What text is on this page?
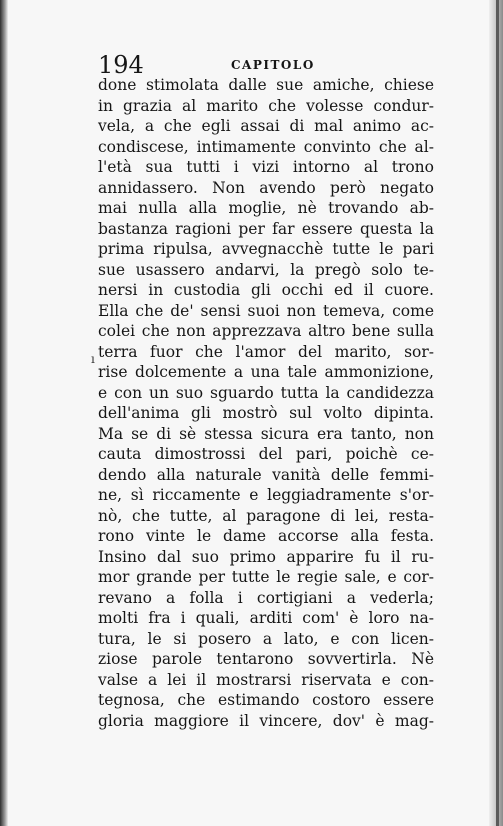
194	CAPITOLO
ı
done stimolata dalle sue amiche, chiese
in grazia al marito che volesse condur-
vela, a che egli assai di mal animo ac-
condiscese, intimamente convinto che al-
l'età sua tutti i vizi intorno al trono
annidassero. Non avendo però negato
mai nulla alla moglie, nè trovando ab-
bastanza ragioni per far essere questa la
prima ripulsa, avvegnacchè tutte le pari
sue usassero andarvi, la pregò solo te-
nersi in custodia gli occhi ed il cuore.
Ella che de' sensi suoi non temeva, come
colei che non apprezzava altro bene sulla
terra fuor che l'amor del marito, sor-
rise dolcemente a una tale ammonizione,
e con un suo sguardo tutta la candidezza
dell'anima gli mostrò sul volto dipinta.
Ma se di sè stessa sicura era tanto, non
cauta dimostrossi del pari, poichè ce-
dendo alla naturale vanità delle femmi-
ne, sì riccamente e leggiadramente s'or-
nò, che tutte, al paragone di lei, resta-
rono vinte le dame accorse alla festa.
Insino dal suo primo apparire fu il ru-
mor grande per tutte le regie sale, e cor-
revano a folla i cortigiani a vederla;
molti fra i quali, arditi com' è loro na-
tura, le si posero a lato, e con licen-
ziose parole tentarono sovvertirla. Nè
valse a lei il mostrarsi riservata e con-
tegnosa, che estimando costoro essere
gloria maggiore il vincere, dov' è mag-
